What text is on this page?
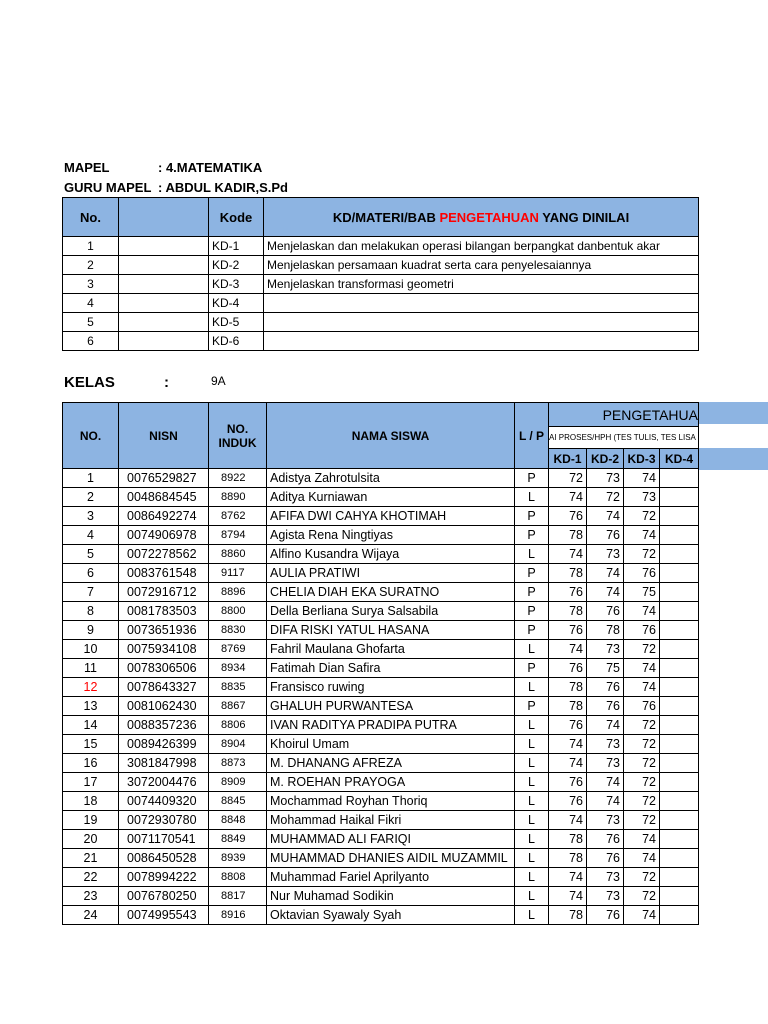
MAPEL	: 4.MATEMATIKA
GURU MAPEL : ABDUL KADIR,S.Pd
No.		Kode	KD/MATERI/BAB PENGETAHUAN YANG DINILAI
1		KD-1	Menjelaskan dan melakukan operasi bilangan berpangkat danbentuk akar
2		KD-2	Menjelaskan persamaan kuadrat serta cara penyelesaiannya
3		KD-3	Menjelaskan transformasi geometri
4		KD-4	
5		KD-5	
6		KD-6	
KELAS	:	9A
NO.	NISN	NO. INDUK	NAMA SISWA	L / P	PENGETAHUA			
					AI PROSES/HPH (TES TULIS, TES LISA			
					KD-1	KD-2	KD-3	KD-4
1	0076529827	8922	Adistya Zahrotulsita	P	72	73	74	
2	0048684545	8890	Aditya Kurniawan	L	74	72	73	
3	0086492274	8762	AFIFA DWI CAHYA KHOTIMAH	P	76	74	72	
4	0074906978	8794	Agista Rena Ningtiyas	P	78	76	74	
5	0072278562	8860	Alfino Kusandra Wijaya	L	74	73	72	
6	0083761548	9117	AULIA PRATIWI	P	78	74	76	
7	0072916712	8896	CHELIA DIAH EKA SURATNO	P	76	74	75	
8	0081783503	8800	Della Berliana Surya Salsabila	P	78	76	74	
9	0073651936	8830	DIFA RISKI YATUL HASANA	P	76	78	76	
10	0075934108	8769	Fahril Maulana Ghofarta	L	74	73	72	
11	0078306506	8934	Fatimah Dian Safira	P	76	75	74	
12	0078643327	8835	Fransisco ruwing	L	78	76	74	
13	0081062430	8867	GHALUH PURWANTESA	P	78	76	76	
14	0088357236	8806	IVAN RADITYA PRADIPA PUTRA	L	76	74	72	
15	0089426399	8904	Khoirul Umam	L	74	73	72	
16	3081847998	8873	M. DHANANG AFREZA	L	74	73	72	
17	3072004476	8909	M. ROEHAN PRAYOGA	L	76	74	72	
18	0074409320	8845	Mochammad Royhan Thoriq	L	76	74	72	
19	0072930780	8848	Mohammad Haikal Fikri	L	74	73	72	
20	0071170541	8849	MUHAMMAD ALI FARIQI	L	78	76	74	
21	0086450528	8939	MUHAMMAD DHANIES AIDIL MUZAMMIL	L	78	76	74	
22	0078994222	8808	Muhammad Fariel Aprilyanto	L	74	73	72	
23	0076780250	8817	Nur Muhamad Sodikin	L	74	73	72	
24	0074995543	8916	Oktavian Syawaly Syah	L	78	76	74	
